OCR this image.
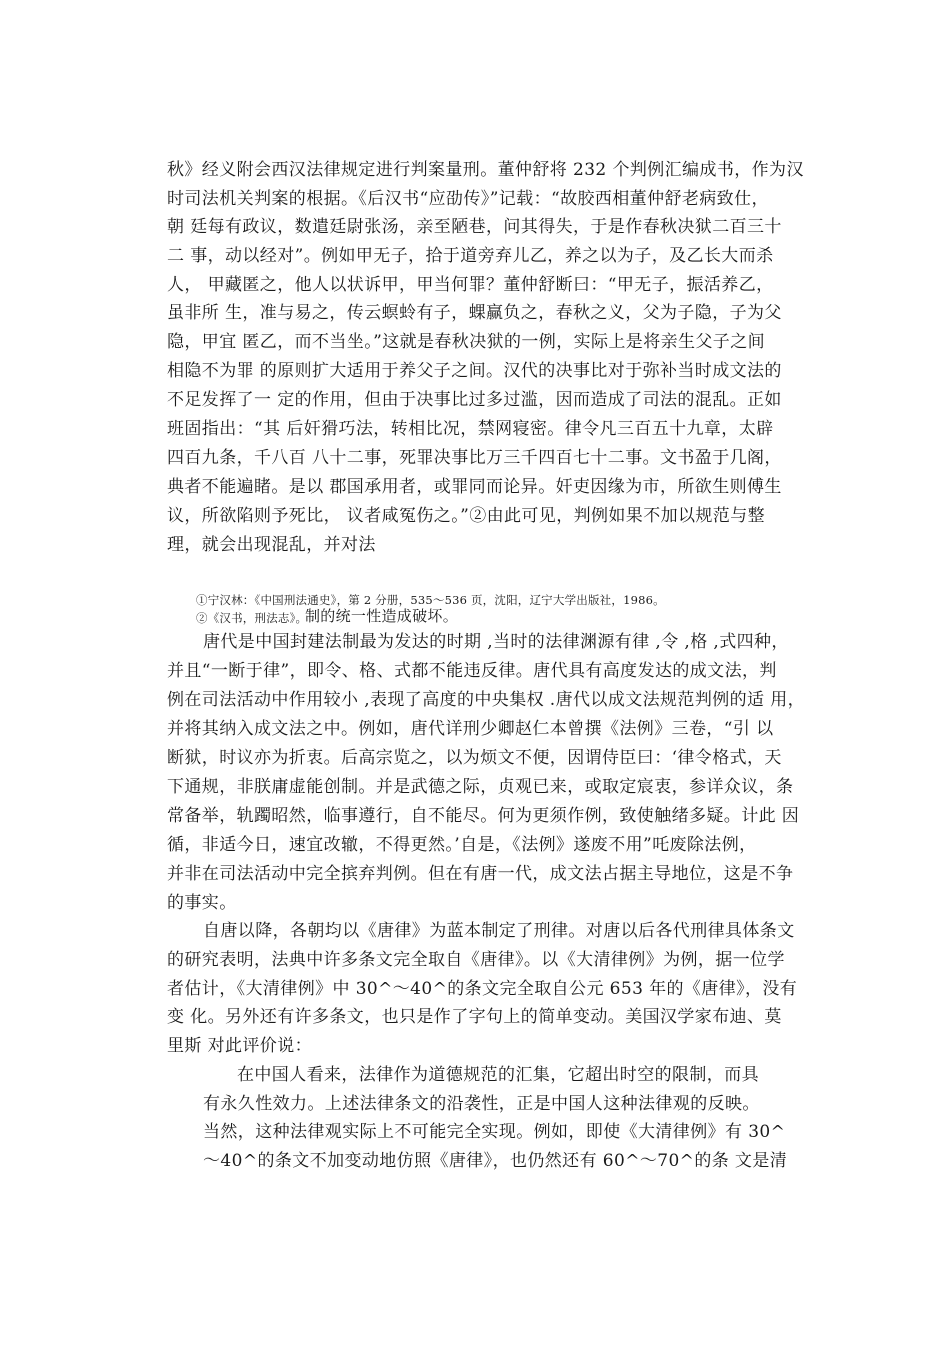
秋》经义附会西汉法律规定进行判案量刑。董仲舒将 232 个判例汇编成书，作为汉
时司法机关判案的根据。《后汉书“应劭传》”记载：“故胶西相董仲舒老病致仕，
朝 廷每有政议，数遣廷尉张汤，亲至陋巷，问其得失，于是作春秋决狱二百三十
二 事，动以经对”。例如甲无子，拾于道旁弃儿乙，养之以为子，及乙长大而杀
人， 甲藏匿之，他人以状诉甲，甲当何罪？董仲舒断曰：“甲无子，振活养乙，
虽非所 生，准与易之，传云螟蛉有子，蜾赢负之，春秋之义，父为子隐，子为父
隐，甲宜 匿乙，而不当坐。”这就是春秋决狱的一例，实际上是将亲生父子之间
相隐不为罪 的原则扩大适用于养父子之间。汉代的决事比对于弥补当时成文法的
不足发挥了一 定的作用，但由于决事比过多过滥，因而造成了司法的混乱。正如
班固指出：“其 后奸猾巧法，转相比况，禁网寝密。律令凡三百五十九章，太辟
四百九条，千八百 八十二事，死罪决事比万三千四百七十二事。文书盈于几阁，
典者不能遍睹。是以 郡国承用者，或罪同而论异。奸吏因缘为市，所欲生则傅生
议，所欲陷则予死比， 议者咸冤伤之。”②由此可见，判例如果不加以规范与整
理，就会出现混乱，并对法
①宁汉林：《中国刑法通史》，第 2 分册，535～536 页，沈阳，辽宁大学出版社，1986。
②《汉书，刑法志》。
制的统一性造成破坏。
唐代是中国封建法制最为发达的时期 ,当时的法律渊源有律 ,令 ,格 ,式四种，
并且“一断于律”，即令、格、式都不能违反律。唐代具有高度发达的成文法，判
例在司法活动中作用较小 ,表现了高度的中央集权 .唐代以成文法规范判例的适 用，
并将其纳入成文法之中。例如，唐代详刑少卿赵仁本曾撰《法例》三卷，“引 以
断狱，时议亦为折衷。后高宗览之，以为烦文不便，因谓侍臣曰：‘律令格式，天
下通规，非朕庸虚能创制。并是武德之际，贞观已来，或取定宸衷，参详众议，条
常备举，轨躅昭然，临事遵行，自不能尽。何为更须作例，致使触绪多疑。计此 因
循，非适今日，速宜改辙，不得更然。’自是，《法例》遂废不用”吒废除法例，
并非在司法活动中完全摈弃判例。但在有唐一代，成文法占据主导地位，这是不争
的事实。
自唐以降，各朝均以《唐律》为蓝本制定了刑律。对唐以后各代刑律具体条文
的研究表明，法典中许多条文完全取自《唐律》。以《大清律例》为例，据一位学
者估计，《大清律例》中 30^～40^的条文完全取自公元 653 年的《唐律》，没有
变 化。另外还有许多条文，也只是作了字句上的简单变动。美国汉学家布迪、莫
里斯 对此评价说：
在中国人看来，法律作为道德规范的汇集，它超出时空的限制，而具
有永久性效力。上述法律条文的沿袭性，正是中国人这种法律观的反映。
当然，这种法律观实际上不可能完全实现。例如，即使《大清律例》有 30^
～40^的条文不加变动地仿照《唐律》，也仍然还有 60^～70^的条 文是清
